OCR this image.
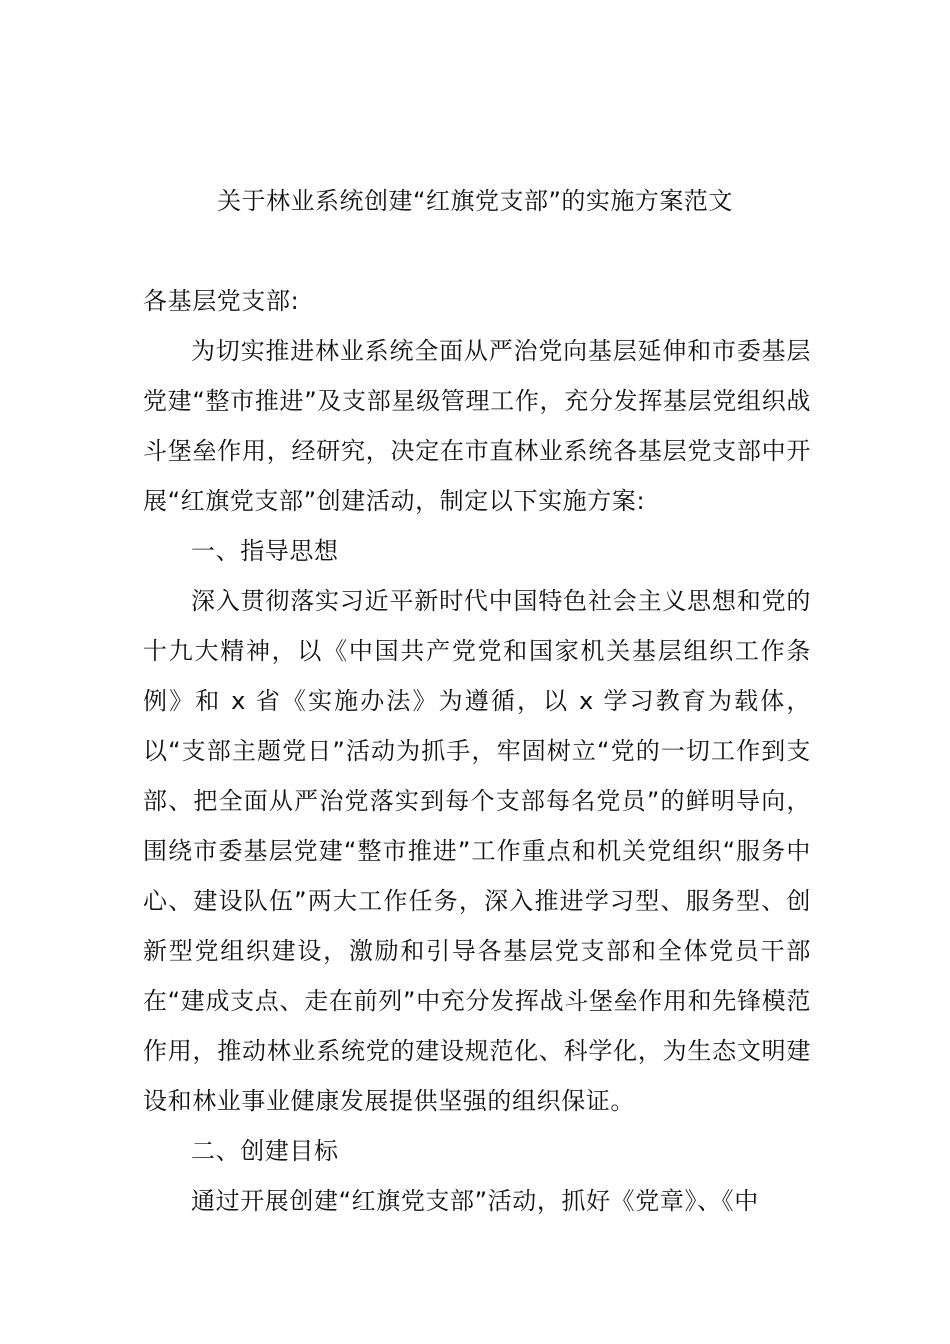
关于林业系统创建“红旗党支部”的实施方案范文

各基层党支部:

为切实推进林业系统全面从严治党向基层延伸和市委基层党建“整市推进”及支部星级管理工作，充分发挥基层党组织战斗堡垒作用，经研究，决定在市直林业系统各基层党支部中开展“红旗党支部”创建活动，制定以下实施方案:

一、指导思想

深入贯彻落实习近平新时代中国特色社会主义思想和党的十九大精神，以《中国共产党党和国家机关基层组织工作条例》和 x 省《实施办法》为遵循，以 x 学习教育为载体，以“支部主题党日”活动为抓手，牢固树立“党的一切工作到支部、把全面从严治党落实到每个支部每名党员”的鲜明导向，围绕市委基层党建“整市推进”工作重点和机关党组织“服务中心、建设队伍”两大工作任务，深入推进学习型、服务型、创新型党组织建设，激励和引导各基层党支部和全体党员干部在“建成支点、走在前列”中充分发挥战斗堡垒作用和先锋模范作用，推动林业系统党的建设规范化、科学化，为生态文明建设和林业事业健康发展提供坚强的组织保证。

二、创建目标

通过开展创建“红旗党支部”活动，抓好《党章》、《中
